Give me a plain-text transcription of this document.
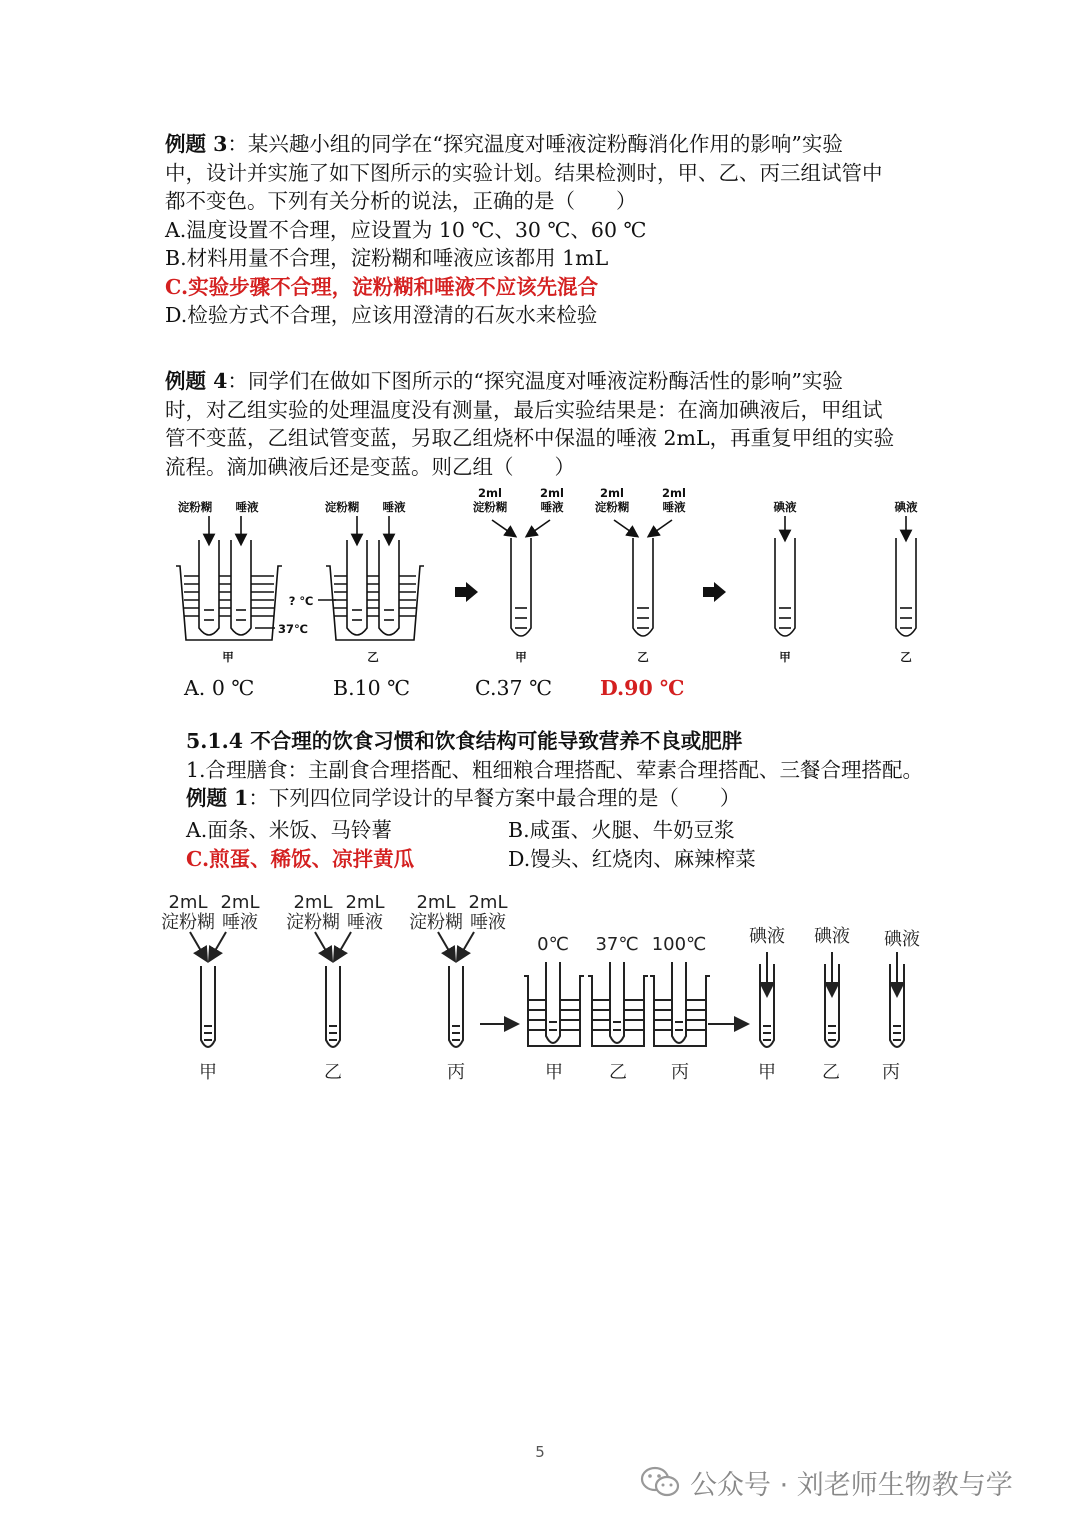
例题 3：某兴趣小组的同学在“探究温度对唾液淀粉酶消化作用的影响”实验
中，设计并实施了如下图所示的实验计划。结果检测时，甲、乙、丙三组试管中
都不变色。下列有关分析的说法，正确的是（　　）
A.温度设置不合理，应设置为 10 ℃、30 ℃、60 ℃
B.材料用量不合理，淀粉糊和唾液应该都用 1mL
C.实验步骤不合理，淀粉糊和唾液不应该先混合
D.检验方式不合理，应该用澄清的石灰水来检验
例题 4：同学们在做如下图所示的“探究温度对唾液淀粉酶活性的影响”实验
时，对乙组实验的处理温度没有测量，最后实验结果是：在滴加碘液后，甲组试
管不变蓝，乙组试管变蓝，另取乙组烧杯中保温的唾液 2mL，再重复甲组的实验
流程。滴加碘液后还是变蓝。则乙组（　　）
淀粉糊 唾液	淀粉糊 唾液
2ml
淀粉糊
2ml
唾液
2ml
淀粉糊
2ml
唾液	碘液	碘液
? ℃
37℃
甲	乙	甲	乙	甲	乙
A. 0 ℃	B.10 ℃	C.37 ℃ D.90 ℃
5.1.4 不合理的饮食习惯和饮食结构可能导致营养不良或肥胖
1.合理膳食：主副食合理搭配、粗细粮合理搭配、荤素合理搭配、三餐合理搭配。
例题 1：下列四位同学设计的早餐方案中最合理的是（　　）
A.面条、米饭、马铃薯	B.咸蛋、火腿、牛奶豆浆
C.煎蛋、稀饭、凉拌黄瓜	D.馒头、红烧肉、麻辣榨菜
2mL 2mL
淀粉糊 唾液
2mL 2mL
淀粉糊 唾液
2mL 2mL
淀粉糊 唾液
0℃ 37℃ 100℃ 碘液 碘液 碘液
甲	乙	丙	甲	乙 丙	甲	乙 丙
5
公众号 · 刘老师生物教与学
